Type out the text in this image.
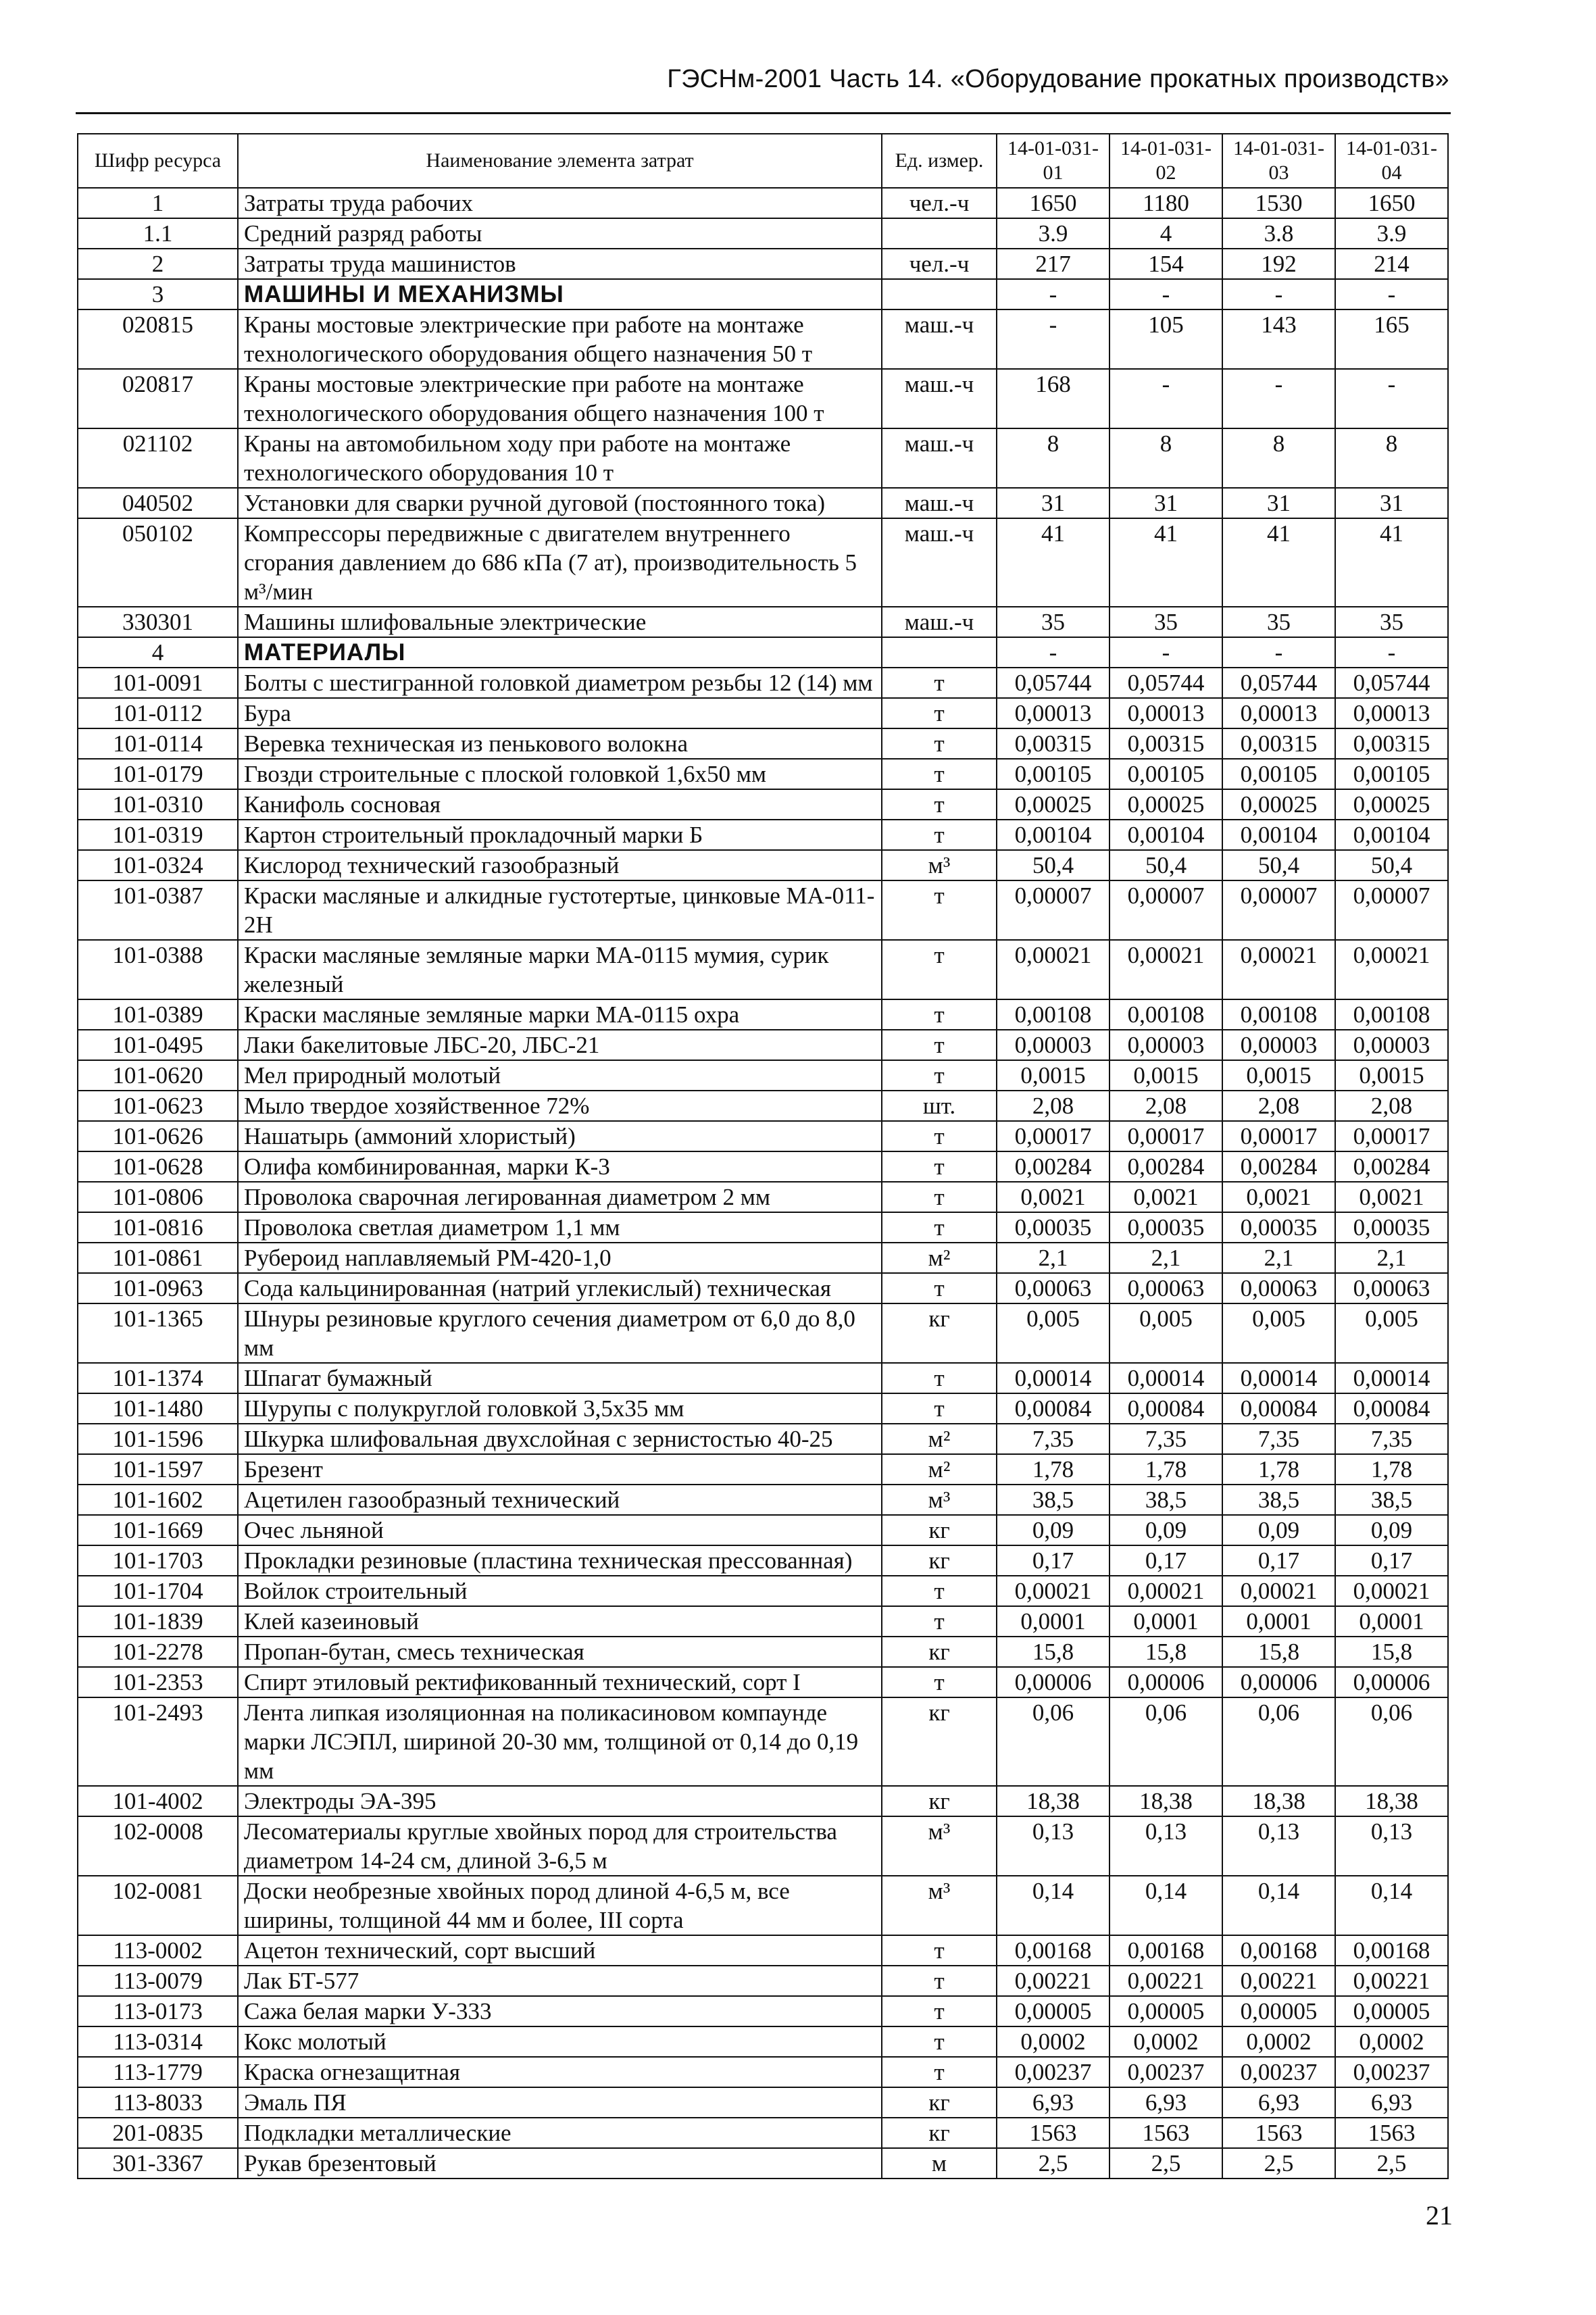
ГЭСНм-2001 Часть 14. «Оборудование прокатных производств»
Шифр ресурса	Наименование элемента затрат	Ед. измер.	14-01-031-01	14-01-031-02	14-01-031-03	14-01-031-04
1	Затраты труда рабочих	чел.-ч	1650	1180	1530	1650
1.1	Средний разряд работы		3.9	4	3.8	3.9
2	Затраты труда машинистов	чел.-ч	217	154	192	214
3	МАШИНЫ И МЕХАНИЗМЫ		-	-	-	-
020815	Краны мостовые электрические при работе на монтаже технологического оборудования общего назначения 50 т	маш.-ч	-	105	143	165
020817	Краны мостовые электрические при работе на монтаже технологического оборудования общего назначения 100 т	маш.-ч	168	-	-	-
021102	Краны на автомобильном ходу при работе на монтаже технологического оборудования 10 т	маш.-ч	8	8	8	8
040502	Установки для сварки ручной дуговой (постоянного тока)	маш.-ч	31	31	31	31
050102	Компрессоры передвижные с двигателем внутреннего сгорания давлением до 686 кПа (7 ат), производительность 5 м³/мин	маш.-ч	41	41	41	41
330301	Машины шлифовальные электрические	маш.-ч	35	35	35	35
4	МАТЕРИАЛЫ		-	-	-	-
101-0091	Болты с шестигранной головкой диаметром резьбы 12 (14) мм	т	0,05744	0,05744	0,05744	0,05744
101-0112	Бура	т	0,00013	0,00013	0,00013	0,00013
101-0114	Веревка техническая из пенькового волокна	т	0,00315	0,00315	0,00315	0,00315
101-0179	Гвозди строительные с плоской головкой 1,6х50 мм	т	0,00105	0,00105	0,00105	0,00105
101-0310	Канифоль сосновая	т	0,00025	0,00025	0,00025	0,00025
101-0319	Картон строительный прокладочный марки Б	т	0,00104	0,00104	0,00104	0,00104
101-0324	Кислород технический газообразный	м³	50,4	50,4	50,4	50,4
101-0387	Краски масляные и алкидные густотертые, цинковые МА-011-2Н	т	0,00007	0,00007	0,00007	0,00007
101-0388	Краски масляные земляные марки МА-0115 мумия, сурик железный	т	0,00021	0,00021	0,00021	0,00021
101-0389	Краски масляные земляные марки МА-0115 охра	т	0,00108	0,00108	0,00108	0,00108
101-0495	Лаки бакелитовые ЛБС-20, ЛБС-21	т	0,00003	0,00003	0,00003	0,00003
101-0620	Мел природный молотый	т	0,0015	0,0015	0,0015	0,0015
101-0623	Мыло твердое хозяйственное 72%	шт.	2,08	2,08	2,08	2,08
101-0626	Нашатырь (аммоний хлористый)	т	0,00017	0,00017	0,00017	0,00017
101-0628	Олифа комбинированная, марки К-3	т	0,00284	0,00284	0,00284	0,00284
101-0806	Проволока сварочная легированная диаметром 2 мм	т	0,0021	0,0021	0,0021	0,0021
101-0816	Проволока светлая диаметром 1,1 мм	т	0,00035	0,00035	0,00035	0,00035
101-0861	Рубероид наплавляемый РМ-420-1,0	м²	2,1	2,1	2,1	2,1
101-0963	Сода кальцинированная (натрий углекислый) техническая	т	0,00063	0,00063	0,00063	0,00063
101-1365	Шнуры резиновые круглого сечения диаметром от 6,0 до 8,0 мм	кг	0,005	0,005	0,005	0,005
101-1374	Шпагат бумажный	т	0,00014	0,00014	0,00014	0,00014
101-1480	Шурупы с полукруглой головкой 3,5х35 мм	т	0,00084	0,00084	0,00084	0,00084
101-1596	Шкурка шлифовальная двухслойная с зернистостью 40-25	м²	7,35	7,35	7,35	7,35
101-1597	Брезент	м²	1,78	1,78	1,78	1,78
101-1602	Ацетилен газообразный технический	м³	38,5	38,5	38,5	38,5
101-1669	Очес льняной	кг	0,09	0,09	0,09	0,09
101-1703	Прокладки резиновые (пластина техническая прессованная)	кг	0,17	0,17	0,17	0,17
101-1704	Войлок строительный	т	0,00021	0,00021	0,00021	0,00021
101-1839	Клей казеиновый	т	0,0001	0,0001	0,0001	0,0001
101-2278	Пропан-бутан, смесь техническая	кг	15,8	15,8	15,8	15,8
101-2353	Спирт этиловый ректификованный технический, сорт I	т	0,00006	0,00006	0,00006	0,00006
101-2493	Лента липкая изоляционная на поликасиновом компаунде марки ЛСЭПЛ, шириной 20-30 мм, толщиной от 0,14 до 0,19 мм	кг	0,06	0,06	0,06	0,06
101-4002	Электроды ЭА-395	кг	18,38	18,38	18,38	18,38
102-0008	Лесоматериалы круглые хвойных пород для строительства диаметром 14-24 см, длиной 3-6,5 м	м³	0,13	0,13	0,13	0,13
102-0081	Доски необрезные хвойных пород длиной 4-6,5 м, все ширины, толщиной 44 мм и более, III сорта	м³	0,14	0,14	0,14	0,14
113-0002	Ацетон технический, сорт высший	т	0,00168	0,00168	0,00168	0,00168
113-0079	Лак БТ-577	т	0,00221	0,00221	0,00221	0,00221
113-0173	Сажа белая марки У-333	т	0,00005	0,00005	0,00005	0,00005
113-0314	Кокс молотый	т	0,0002	0,0002	0,0002	0,0002
113-1779	Краска огнезащитная	т	0,00237	0,00237	0,00237	0,00237
113-8033	Эмаль ПЯ	кг	6,93	6,93	6,93	6,93
201-0835	Подкладки металлические	кг	1563	1563	1563	1563
301-3367	Рукав брезентовый	м	2,5	2,5	2,5	2,5
21
